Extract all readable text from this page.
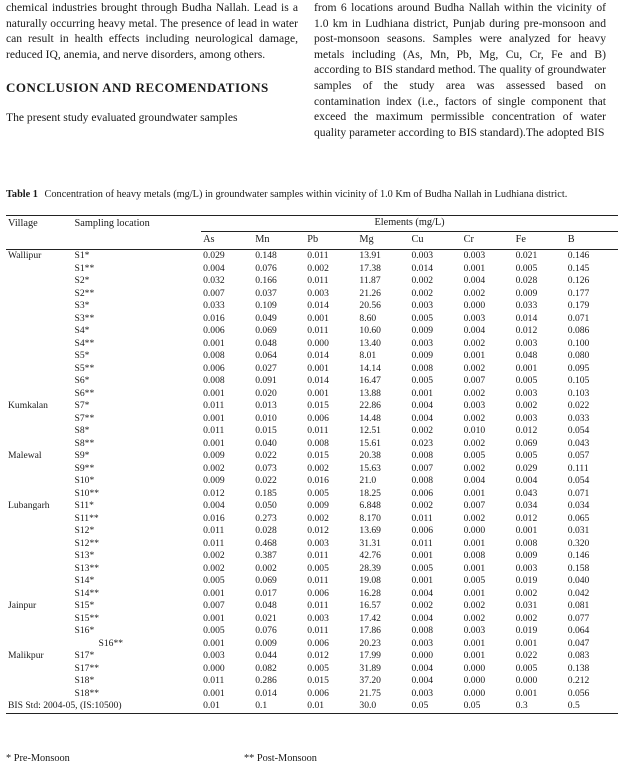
chemical industries brought through Budha Nallah. Lead is a naturally occurring heavy metal. The presence of lead in water can result in health effects including neurological damage, reduced IQ, anemia, and nerve disorders, among others.

CONCLUSION AND RECOMENDATIONS

The present study evaluated groundwater samples

from 6 locations around Budha Nallah within the vicinity of 1.0 km in Ludhiana district, Punjab during pre-monsoon and post-monsoon seasons. Samples were analyzed for heavy metals including (As, Mn, Pb, Mg, Cu, Cr, Fe and B) according to BIS standard method. The quality of groundwater samples of the study area was assessed based on contamination index (i.e., factors of single component that exceed the maximum permissible concentration of water quality parameter according to BIS standard).The adopted BIS

Table 1 Concentration of heavy metals (mg/L) in groundwater samples within vicinity of 1.0 Km of Budha Nallah in Ludhiana district.
Village	Sampling location	Elements (mg/L)							
		As	Mn	Pb	Mg	Cu	Cr	Fe	B
Wallipur	S1*	0.029	0.148	0.011	13.91	0.003	0.003	0.021	0.146
	S1**	0.004	0.076	0.002	17.38	0.014	0.001	0.005	0.145
	S2*	0.032	0.166	0.011	11.87	0.002	0.004	0.028	0.126
	S2**	0.007	0.037	0.003	21.26	0.002	0.002	0.009	0.177
	S3*	0.033	0.109	0.014	20.56	0.003	0.000	0.033	0.179
	S3**	0.016	0.049	0.001	8.60	0.005	0.003	0.014	0.071
	S4*	0.006	0.069	0.011	10.60	0.009	0.004	0.012	0.086
	S4**	0.001	0.048	0.000	13.40	0.003	0.002	0.003	0.100
	S5*	0.008	0.064	0.014	8.01	0.009	0.001	0.048	0.080
	S5**	0.006	0.027	0.001	14.14	0.008	0.002	0.001	0.095
	S6*	0.008	0.091	0.014	16.47	0.005	0.007	0.005	0.105
	S6**	0.001	0.020	0.001	13.88	0.001	0.002	0.003	0.103
Kumkalan	S7*	0.011	0.013	0.015	22.86	0.004	0.003	0.002	0.022
	S7**	0.001	0.010	0.006	14.48	0.004	0.002	0.003	0.033
	S8*	0.011	0.015	0.011	12.51	0.002	0.010	0.012	0.054
	S8**	0.001	0.040	0.008	15.61	0.023	0.002	0.069	0.043
Malewal	S9*	0.009	0.022	0.015	20.38	0.008	0.005	0.005	0.057
	S9**	0.002	0.073	0.002	15.63	0.007	0.002	0.029	0.111
	S10*	0.009	0.022	0.016	21.0	0.008	0.004	0.004	0.054
	S10**	0.012	0.185	0.005	18.25	0.006	0.001	0.043	0.071
Lubangarh	S11*	0.004	0.050	0.009	6.848	0.002	0.007	0.034	0.034
	S11**	0.016	0.273	0.002	8.170	0.011	0.002	0.012	0.065
	S12*	0.011	0.028	0.012	13.69	0.006	0.000	0.001	0.031
	S12**	0.011	0.468	0.003	31.31	0.011	0.001	0.008	0.320
	S13*	0.002	0.387	0.011	42.76	0.001	0.008	0.009	0.146
	S13**	0.002	0.002	0.005	28.39	0.005	0.001	0.003	0.158
	S14*	0.005	0.069	0.011	19.08	0.001	0.005	0.019	0.040
	S14**	0.001	0.017	0.006	16.28	0.004	0.001	0.002	0.042
Jainpur	S15*	0.007	0.048	0.011	16.57	0.002	0.002	0.031	0.081
	S15**	0.001	0.021	0.003	17.42	0.004	0.002	0.002	0.077
	S16*	0.005	0.076	0.011	17.86	0.008	0.003	0.019	0.064
	S16**	0.001	0.009	0.006	20.23	0.003	0.001	0.001	0.047
Malikpur	S17*	0.003	0.044	0.012	17.99	0.000	0.001	0.022	0.083
	S17**	0.000	0.082	0.005	31.89	0.004	0.000	0.005	0.138
	S18*	0.011	0.286	0.015	37.20	0.004	0.000	0.000	0.212
	S18**	0.001	0.014	0.006	21.75	0.003	0.000	0.001	0.056
BIS Std: 2004-05, (IS:10500)		0.01	0.1	0.01	30.0	0.05	0.05	0.3	0.5
* Pre-Monsoon	** Post-Monsoon
